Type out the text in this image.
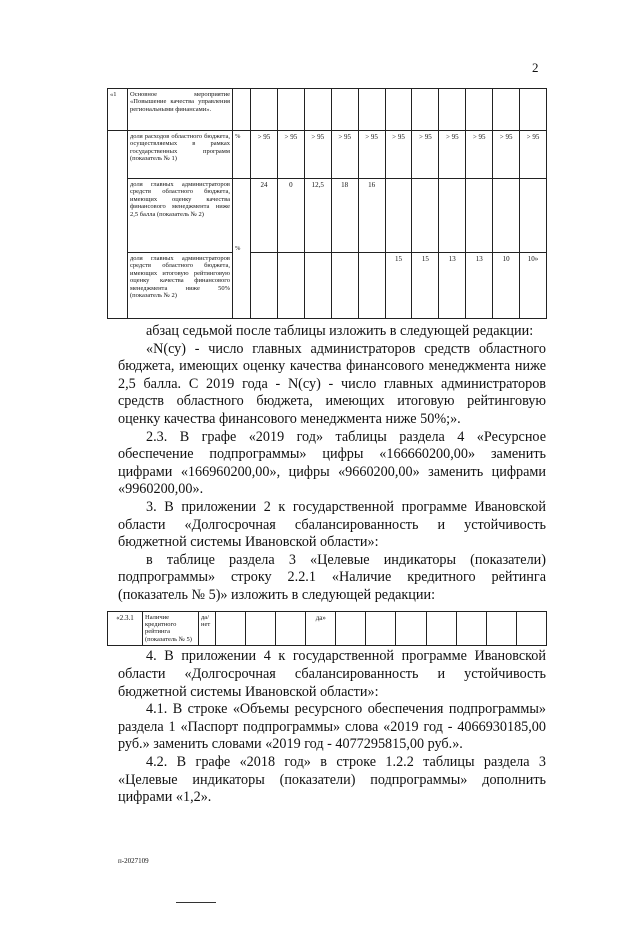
2
«1	Основное мероприятие «Повышение качества управления региональными финансами».												
	доля расходов областного бюджета, осуществляемых в рамках государственных программ (показатель № 1)	%	> 95	> 95	> 95	> 95	> 95	> 95	> 95	> 95	> 95	> 95	> 95
	доля главных администраторов средств областного бюджета, имеющих оценку качества финансового менеджмента ниже 2,5 балла (показатель № 2)	%	24	0	12,5	18	16						
	доля главных администраторов средств областного бюджета, имеющих итоговую рейтинговую оценку качества финансового менеджмента ниже 50% (показатель № 2)							15	15	13	13	10	10»

абзац седьмой после таблицы изложить в следующей редакции:

«N(су) - число главных администраторов средств областного бюджета, имеющих оценку качества финансового менеджмента ниже 2,5 балла. С 2019 года - N(су) - число главных администраторов средств областного бюджета, имеющих итоговую рейтинговую оценку качества финансового менеджмента ниже 50%;».

2.3. В графе «2019 год» таблицы раздела 4 «Ресурсное обеспечение подпрограммы» цифры «166660200,00» заменить цифрами «166960200,00», цифры «9660200,00» заменить цифрами «9960200,00».

3. В приложении 2 к государственной программе Ивановской области «Долгосрочная сбалансированность и устойчивость бюджетной системы Ивановской области»:

в таблице раздела 3 «Целевые индикаторы (показатели) подпрограммы» строку 2.2.1 «Наличие кредитного рейтинга (показатель № 5)» изложить в следующей редакции:

«2.3.1	Наличие кредитного рейтинга (показатель № 5)	да/нет				да»							

4. В приложении 4 к государственной программе Ивановской области «Долгосрочная сбалансированность и устойчивость бюджетной системы Ивановской области»:

4.1. В строке «Объемы ресурсного обеспечения подпрограммы» раздела 1 «Паспорт подпрограммы» слова «2019 год - 4066930185,00 руб.» заменить словами «2019 год - 4077295815,00 руб.».

4.2. В графе «2018 год» в строке 1.2.2 таблицы раздела 3 «Целевые индикаторы (показатели) подпрограммы» дополнить цифрами «1,2».

п-2027109
